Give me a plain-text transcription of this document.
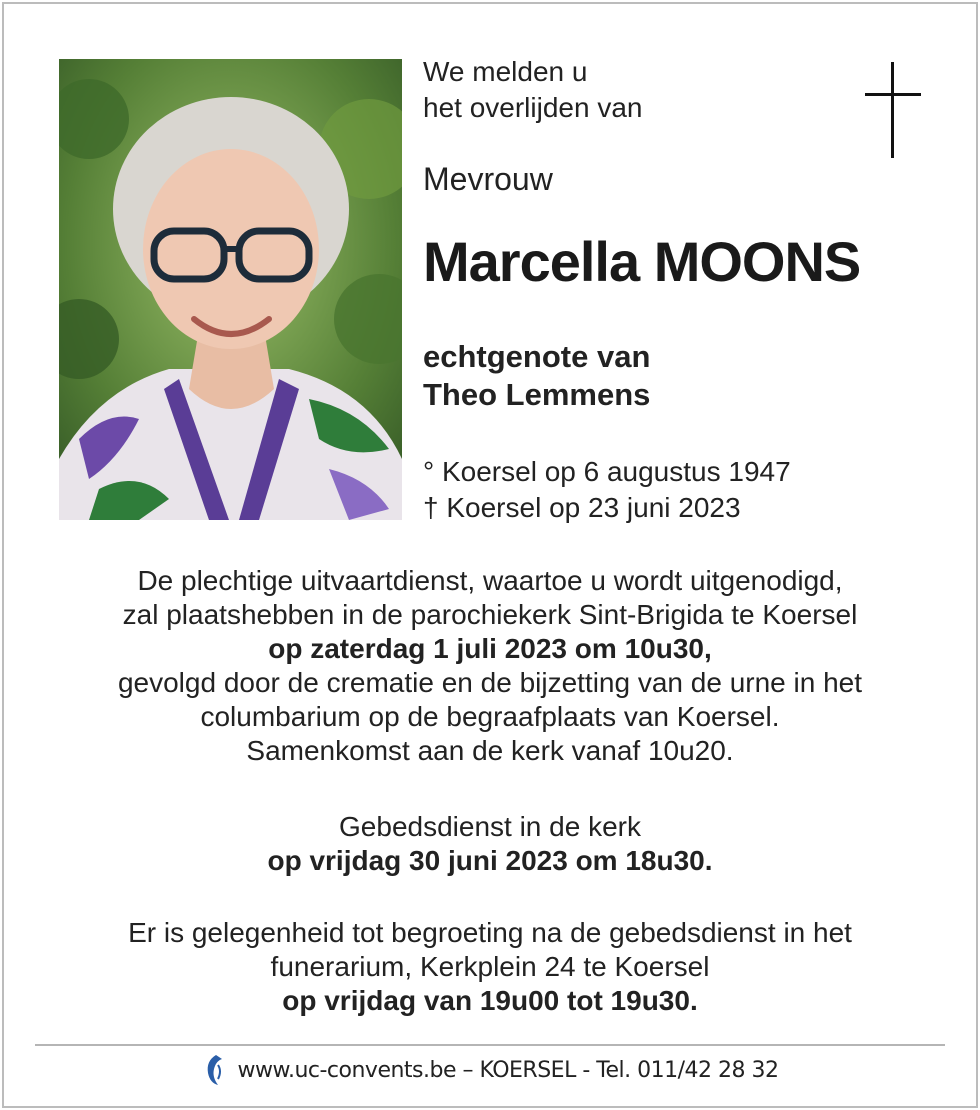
We melden u
het overlijden van
Mevrouw
Marcella MOONS
echtgenote van
Theo Lemmens
° Koersel op 6 augustus 1947
† Koersel op 23 juni 2023
De plechtige uitvaartdienst, waartoe u wordt uitgenodigd,
zal plaatshebben in de parochiekerk Sint-Brigida te Koersel
op zaterdag 1 juli 2023 om 10u30,
gevolgd door de crematie en de bijzetting van de urne in het
columbarium op de begraafplaats van Koersel.
Samenkomst aan de kerk vanaf 10u20.
Gebedsdienst in de kerk
op vrijdag 30 juni 2023 om 18u30.
Er is gelegenheid tot begroeting na de gebedsdienst in het
funerarium, Kerkplein 24 te Koersel
op vrijdag van 19u00 tot 19u30.
www.uc-convents.be – KOERSEL - Tel. 011/42 28 32
